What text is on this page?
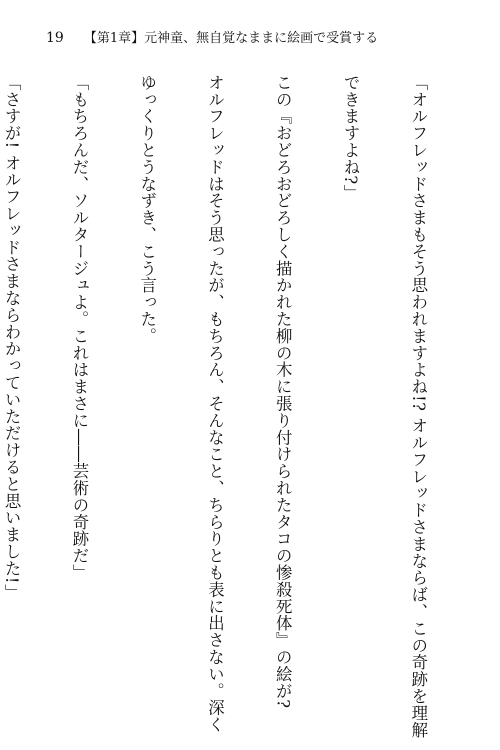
19 【第1章】元神童、無自覚なままに絵画で受賞する

「オルフレッドさまもそう思われますよね!? オルフレッドさまならば、この奇跡を理解

できますよね?」

この『おどろおどろしく描かれた柳の木に張り付けられたタコの惨殺死体』の絵が?

オルフレッドはそう思ったが、もちろん、そんなこと、ちらりとも表に出さない。深く

ゆっくりとうなずき、こう言った。

「もちろんだ、ソルタージュよ。これはまさに――芸術の奇跡だ」

「さすが! オルフレッドさまならわかっていただけると思いました!」
